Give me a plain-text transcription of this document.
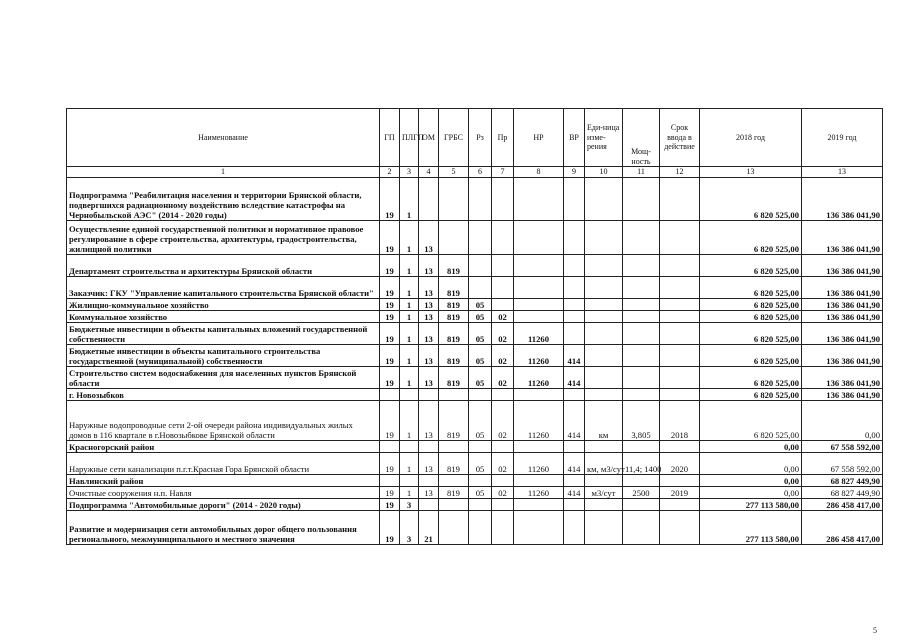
Наименование	ГП	ПЛГП	ОМ	ГРБС	Рз	Пр	НР	ВР	Еди-ница изме-рения	Мощ-ность	Срок ввода в действие	2018 год	2019 год
1	2	3	4	5	6	7	8	9	10	11	12	13	13
Подпрограмма "Реабилитация населения и территории Брянской области, подвергшихся радиационному воздействию вследствие катастрофы на Чернобыльской АЭС" (2014 - 2020 годы)	19	1										6 820 525,00	136 386 041,90
Осуществление единой государственной политики и нормативное правовое регулирование в сфере строительства, архитектуры, градостроительства, жилищной политики	19	1	13									6 820 525,00	136 386 041,90
Департамент строительства и архитектуры Брянской области	19	1	13	819								6 820 525,00	136 386 041,90
Заказчик: ГКУ "Управление капитального строительства Брянской области"	19	1	13	819								6 820 525,00	136 386 041,90
Жилищно-коммунальное хозяйство	19	1	13	819	05							6 820 525,00	136 386 041,90
Коммунальное хозяйство	19	1	13	819	05	02						6 820 525,00	136 386 041,90
Бюджетные инвестиции в объекты капитальных вложений государственной собственности	19	1	13	819	05	02	11260					6 820 525,00	136 386 041,90
Бюджетные инвестиции в объекты капитального строительства государственной (муниципальной) собственности	19	1	13	819	05	02	11260	414				6 820 525,00	136 386 041,90
Строительство систем водоснабжения для населенных пунктов Брянской области	19	1	13	819	05	02	11260	414				6 820 525,00	136 386 041,90
г. Новозыбков												6 820 525,00	136 386 041,90
Наружные водопроводные сети 2-ой очереди района индивидуальных жилых домов в 116 квартале в г.Новозыбкове Брянской области	19	1	13	819	05	02	11260	414	км	3,805	2018	6 820 525,00	0,00
Красногорский район												0,00	67 558 592,00
Наружные сети канализации п.г.т.Красная Гора Брянской области	19	1	13	819	05	02	11260	414	км, м3/сут	11,4; 1400	2020	0,00	67 558 592,00
Навлинский район												0,00	68 827 449,90
Очистные сооружения н.п. Навля	19	1	13	819	05	02	11260	414	м3/сут	2500	2019	0,00	68 827 449,90
Подпрограмма "Автомобильные дороги" (2014 - 2020 годы)	19	3										277 113 580,00	286 458 417,00
Развитие и модернизация сети автомобильных дорог общего пользования регионального, межмуниципального и местного значения	19	3	21									277 113 580,00	286 458 417,00
5
